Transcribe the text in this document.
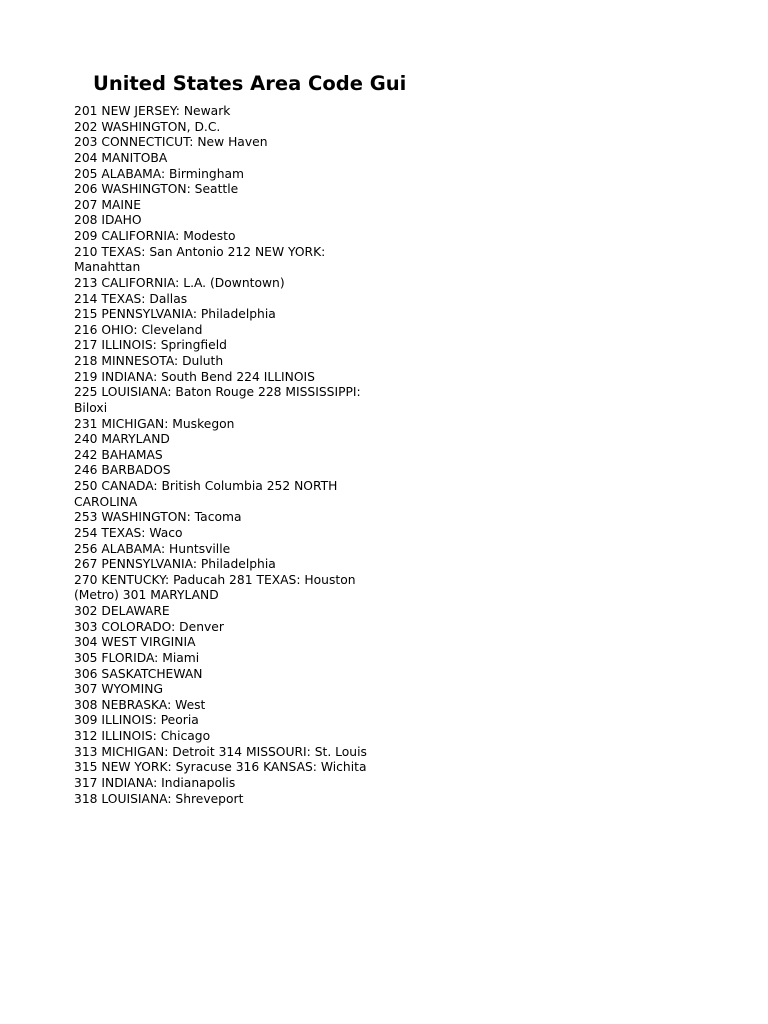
United States Area Code Gui
201 NEW JERSEY: Newark
202 WASHINGTON, D.C.
203 CONNECTICUT: New Haven
204 MANITOBA
205 ALABAMA: Birmingham
206 WASHINGTON: Seattle
207 MAINE
208 IDAHO
209 CALIFORNIA: Modesto
210 TEXAS: San Antonio 212 NEW YORK:
Manahttan
213 CALIFORNIA: L.A. (Downtown)
214 TEXAS: Dallas
215 PENNSYLVANIA: Philadelphia
216 OHIO: Cleveland
217 ILLINOIS: Springfield
218 MINNESOTA: Duluth
219 INDIANA: South Bend 224 ILLINOIS
225 LOUISIANA: Baton Rouge 228 MISSISSIPPI:
Biloxi
231 MICHIGAN: Muskegon
240 MARYLAND
242 BAHAMAS
246 BARBADOS
250 CANADA: British Columbia 252 NORTH
CAROLINA
253 WASHINGTON: Tacoma
254 TEXAS: Waco
256 ALABAMA: Huntsville
267 PENNSYLVANIA: Philadelphia
270 KENTUCKY: Paducah 281 TEXAS: Houston
(Metro) 301 MARYLAND
302 DELAWARE
303 COLORADO: Denver
304 WEST VIRGINIA
305 FLORIDA: Miami
306 SASKATCHEWAN
307 WYOMING
308 NEBRASKA: West
309 ILLINOIS: Peoria
312 ILLINOIS: Chicago
313 MICHIGAN: Detroit 314 MISSOURI: St. Louis
315 NEW YORK: Syracuse 316 KANSAS: Wichita
317 INDIANA: Indianapolis
318 LOUISIANA: Shreveport
